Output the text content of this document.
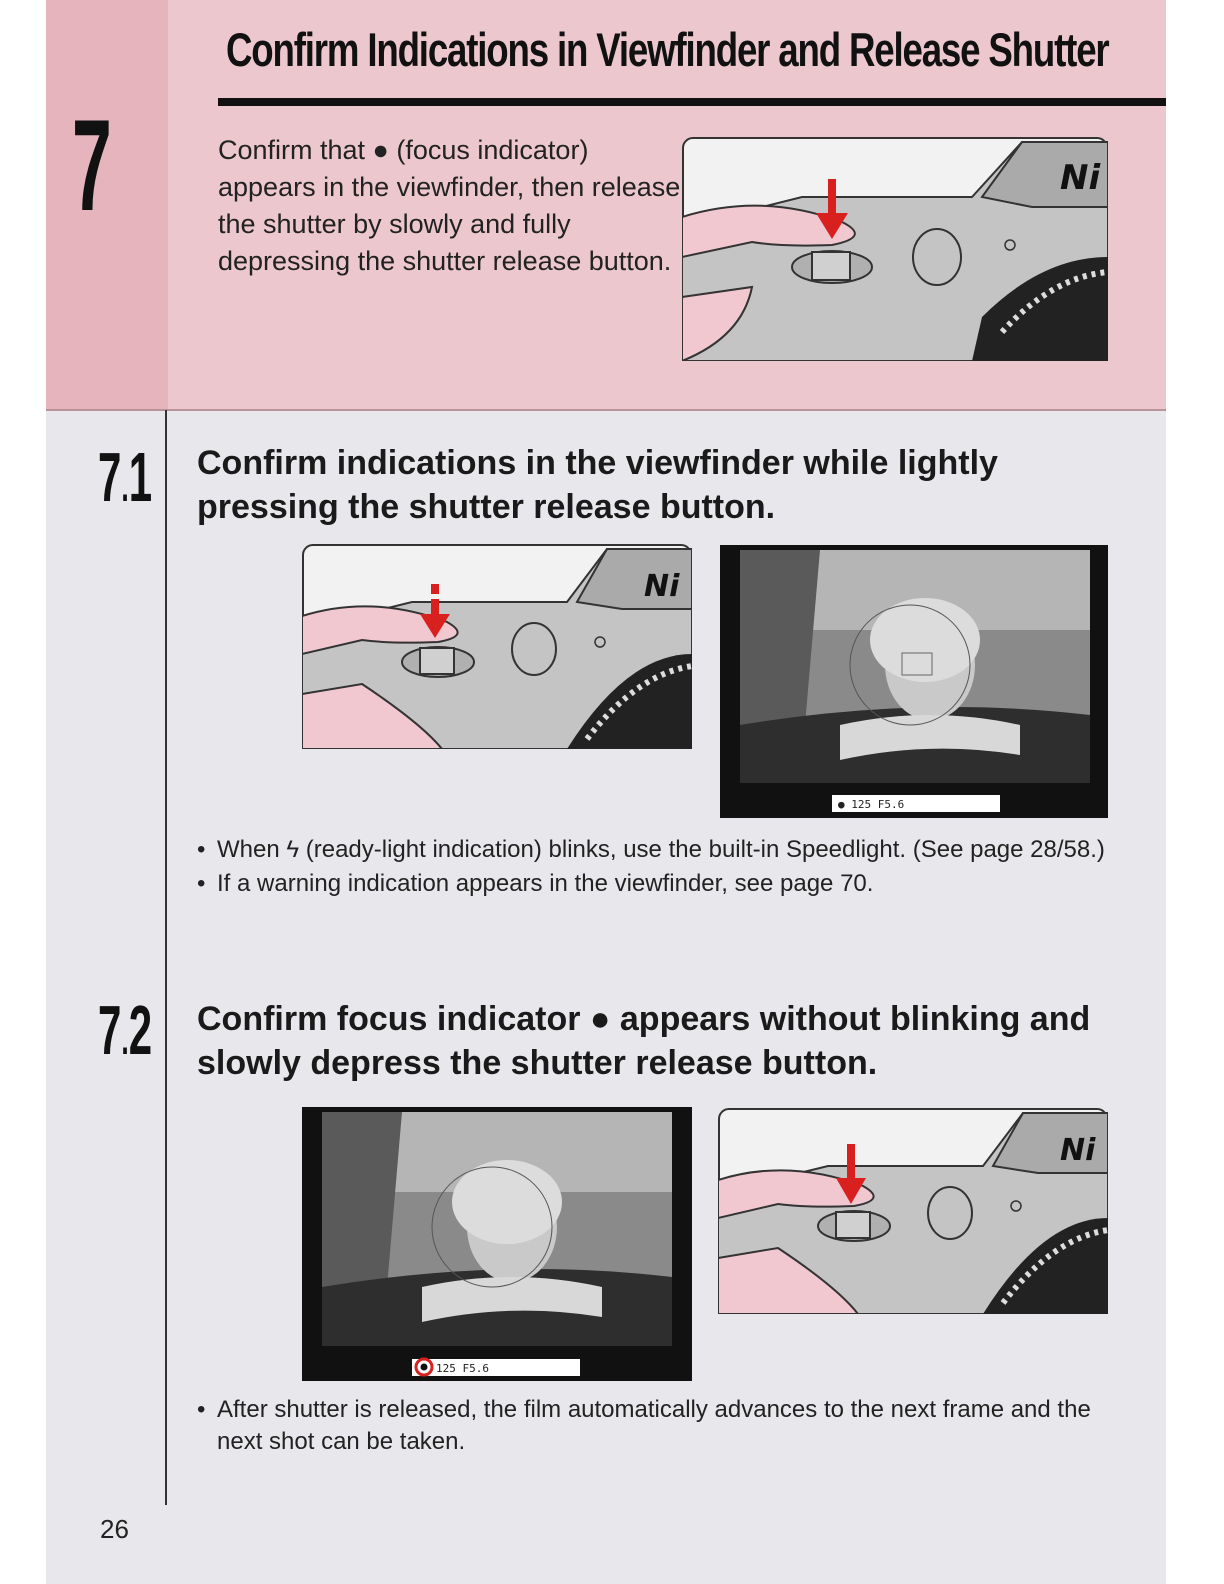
Confirm Indications in Viewfinder and Release Shutter
7	Confirm that ● (focus indicator) appears in the viewfinder, then release the shutter by slowly and fully depressing the shutter release button.
Ni
7.1 Confirm indications in the viewfinder while lightly pressing the shutter release button.
Ni
● 125 F5.6
• When ϟ (ready-light indication) blinks, use the built-in Speedlight. (See page 28/58.)
• If a warning indication appears in the viewfinder, see page 70.
7.2 Confirm focus indicator ● appears without blinking and slowly depress the shutter release button.
125 F5.6
Ni
• After shutter is released, the film automatically advances to the next frame and the next shot can be taken.
26
